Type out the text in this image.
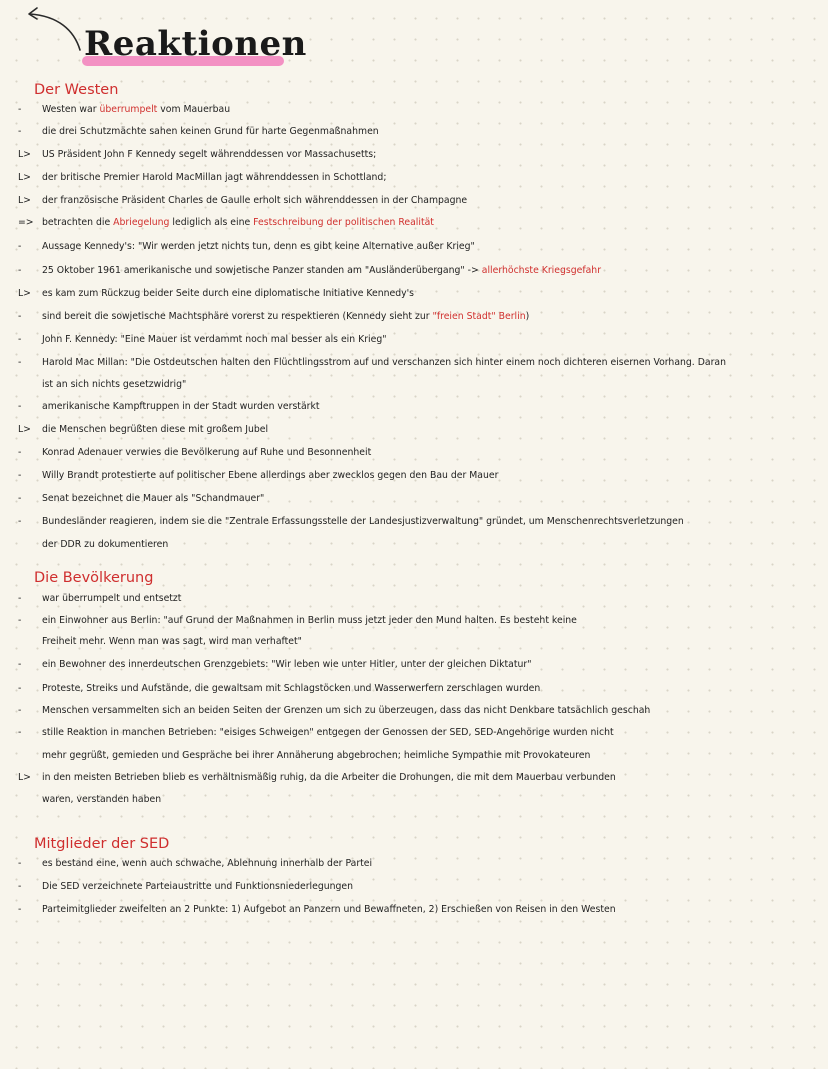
Reaktionen
Der Westen
- Westen war überrumpelt vom Mauerbau
- die drei Schutzmächte sahen keinen Grund für harte Gegenmaßnahmen
L> US Präsident John F Kennedy segelt währenddessen vor Massachusetts;
L> der britische Premier Harold MacMillan jagt währenddessen in Schottland;
L> der französische Präsident Charles de Gaulle erholt sich währenddessen in der Champagne
=> betrachten die Abriegelung lediglich als eine Festschreibung der politischen Realität
- Aussage Kennedy's: "Wir werden jetzt nichts tun, denn es gibt keine Alternative außer Krieg"
- 25 Oktober 1961 amerikanische und sowjetische Panzer standen am "Ausländerübergang" -> allerhöchste Kriegsgefahr
L> es kam zum Rückzug beider Seite durch eine diplomatische Initiative Kennedy's
- sind bereit die sowjetische Machtsphäre vorerst zu respektieren (Kennedy sieht zur "freien Stadt" Berlin)
- John F. Kennedy: "Eine Mauer ist verdammt noch mal besser als ein Krieg"
- Harold Mac Millan: "Die Ostdeutschen halten den Flüchtlingsstrom auf und verschanzen sich hinter einem noch dichteren eisernen Vorhang. Daran
ist an sich nichts gesetzwidrig"
- amerikanische Kampftruppen in der Stadt wurden verstärkt
L> die Menschen begrüßten diese mit großem Jubel
- Konrad Adenauer verwies die Bevölkerung auf Ruhe und Besonnenheit
- Willy Brandt protestierte auf politischer Ebene allerdings aber zwecklos gegen den Bau der Mauer
- Senat bezeichnet die Mauer als "Schandmauer"
- Bundesländer reagieren, indem sie die "Zentrale Erfassungsstelle der Landesjustizverwaltung" gründet, um Menschenrechtsverletzungen
der DDR zu dokumentieren
Die Bevölkerung
- war überrumpelt und entsetzt
- ein Einwohner aus Berlin: "auf Grund der Maßnahmen in Berlin muss jetzt jeder den Mund halten. Es besteht keine
Freiheit mehr. Wenn man was sagt, wird man verhaftet"
- ein Bewohner des innerdeutschen Grenzgebiets: "Wir leben wie unter Hitler, unter der gleichen Diktatur"
- Proteste, Streiks und Aufstände, die gewaltsam mit Schlagstöcken und Wasserwerfern zerschlagen wurden
- Menschen versammelten sich an beiden Seiten der Grenzen um sich zu überzeugen, dass das nicht Denkbare tatsächlich geschah
- stille Reaktion in manchen Betrieben: "eisiges Schweigen" entgegen der Genossen der SED, SED-Angehörige wurden nicht
mehr gegrüßt, gemieden und Gespräche bei ihrer Annäherung abgebrochen; heimliche Sympathie mit Provokateuren
L> in den meisten Betrieben blieb es verhältnismäßig ruhig, da die Arbeiter die Drohungen, die mit dem Mauerbau verbunden
waren, verstanden haben
Mitglieder der SED
- es bestand eine, wenn auch schwache, Ablehnung innerhalb der Partei
- Die SED verzeichnete Parteiaustritte und Funktionsniederlegungen
- Parteimitglieder zweifelten an 2 Punkte: 1) Aufgebot an Panzern und Bewaffneten, 2) Erschießen von Reisen in den Westen
